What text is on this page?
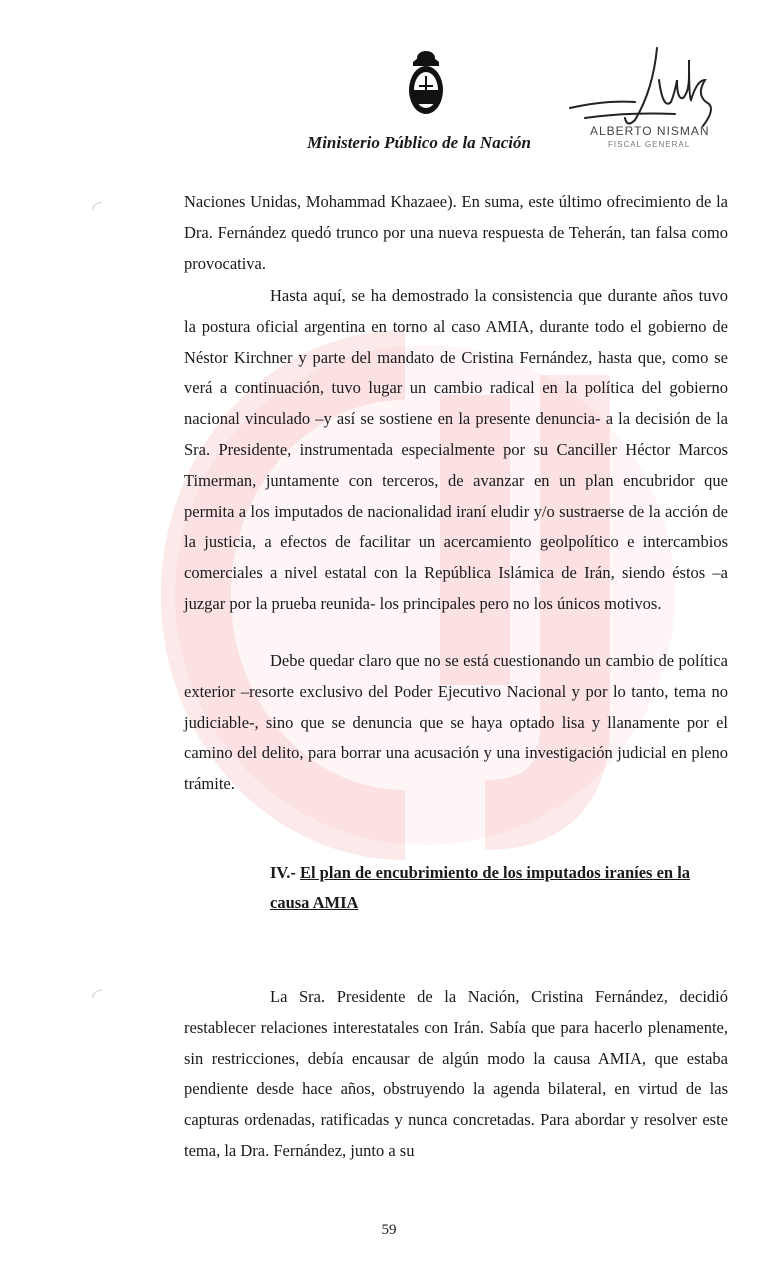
Ministerio Público de la Nación
ALBERTO NISMAN
FISCAL GENERAL

Naciones Unidas, Mohammad Khazaee). En suma, este último ofrecimiento de la Dra. Fernández quedó trunco por una nueva respuesta de Teherán, tan falsa como provocativa.

Hasta aquí, se ha demostrado la consistencia que durante años tuvo la postura oficial argentina en torno al caso AMIA, durante todo el gobierno de Néstor Kirchner y parte del mandato de Cristina Fernández, hasta que, como se verá a continuación, tuvo lugar un cambio radical en la política del gobierno nacional vinculado –y así se sostiene en la presente denuncia- a la decisión de la Sra. Presidente, instrumentada especialmente por su Canciller Héctor Marcos Timerman, juntamente con terceros, de avanzar en un plan encubridor que permita a los imputados de nacionalidad iraní eludir y/o sustraerse de la acción de la justicia, a efectos de facilitar un acercamiento geolpolítico e intercambios comerciales a nivel estatal con la República Islámica de Irán, siendo éstos –a juzgar por la prueba reunida- los principales pero no los únicos motivos.

Debe quedar claro que no se está cuestionando un cambio de política exterior –resorte exclusivo del Poder Ejecutivo Nacional y por lo tanto, tema no judiciable-, sino que se denuncia que se haya optado lisa y llanamente por el camino del delito, para borrar una acusación y una investigación judicial en pleno trámite.

IV.- El plan de encubrimiento de los imputados iraníes en la causa AMIA

La Sra. Presidente de la Nación, Cristina Fernández, decidió restablecer relaciones interestatales con Irán. Sabía que para hacerlo plenamente, sin restricciones, debía encausar de algún modo la causa AMIA, que estaba pendiente desde hace años, obstruyendo la agenda bilateral, en virtud de las capturas ordenadas, ratificadas y nunca concretadas. Para abordar y resolver este tema, la Dra. Fernández, junto a su

59
